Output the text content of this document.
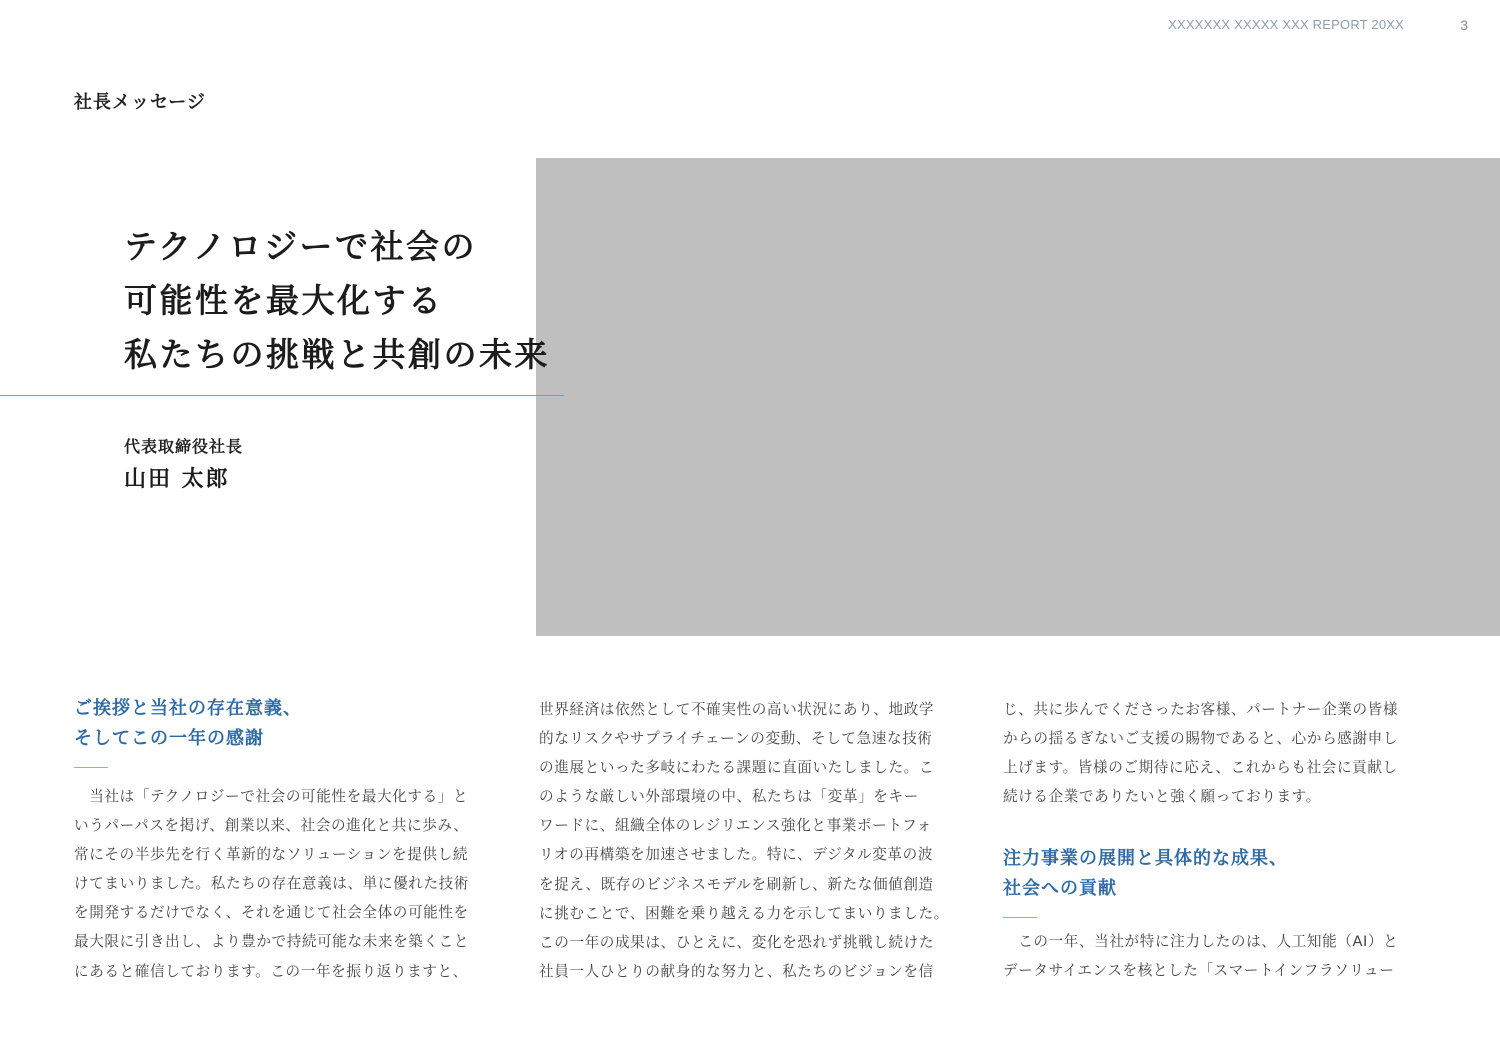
XXXXXXX XXXXX XXX REPORT 20XX	3
社長メッセージ
テクノロジーで社会の
可能性を最大化する
私たちの挑戦と共創の未来
代表取締役社長
山田 太郎
ご挨拶と当社の存在意義、
そしてこの一年の感謝
　当社は「テクノロジーで社会の可能性を最大化する」と
いうパーパスを掲げ、創業以来、社会の進化と共に歩み、
常にその半歩先を行く革新的なソリューションを提供し続
けてまいりました。私たちの存在意義は、単に優れた技術
を開発するだけでなく、それを通じて社会全体の可能性を
最大限に引き出し、より豊かで持続可能な未来を築くこと
にあると確信しております。この一年を振り返りますと、
世界経済は依然として不確実性の高い状況にあり、地政学
的なリスクやサプライチェーンの変動、そして急速な技術
の進展といった多岐にわたる課題に直面いたしました。こ
のような厳しい外部環境の中、私たちは「変革」をキー
ワードに、組織全体のレジリエンス強化と事業ポートフォ
リオの再構築を加速させました。特に、デジタル変革の波
を捉え、既存のビジネスモデルを刷新し、新たな価値創造
に挑むことで、困難を乗り越える力を示してまいりました。
この一年の成果は、ひとえに、変化を恐れず挑戦し続けた
社員一人ひとりの献身的な努力と、私たちのビジョンを信
じ、共に歩んでくださったお客様、パートナー企業の皆様
からの揺るぎないご支援の賜物であると、心から感謝申し
上げます。皆様のご期待に応え、これからも社会に貢献し
続ける企業でありたいと強く願っております。
注力事業の展開と具体的な成果、
社会への貢献
　この一年、当社が特に注力したのは、人工知能（AI）と
データサイエンスを核とした「スマートインフラソリュー
